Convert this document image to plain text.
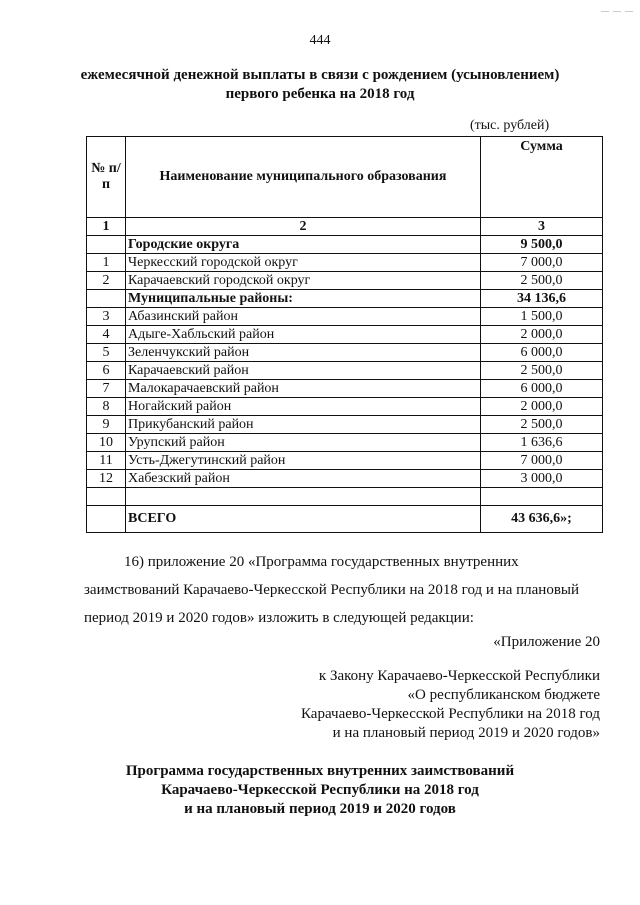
— — —
444
ежемесячной денежной выплаты в связи с рождением (усыновлением)
первого ребенка на 2018 год
(тыс. рублей)
№ п/п	Наименование муниципального образования	Сумма
1	2	3
	Городские округа	9 500,0
1	Черкесский городской округ	7 000,0
2	Карачаевский городской округ	2 500,0
	Муниципальные районы:	34 136,6
3	Абазинский район	1 500,0
4	Адыге-Хабльский район	2 000,0
5	Зеленчукский район	6 000,0
6	Карачаевский район	2 500,0
7	Малокарачаевский район	6 000,0
8	Ногайский район	2 000,0
9	Прикубанский район	2 500,0
10	Урупский район	1 636,6
11	Усть-Джегутинский район	7 000,0
12	Хабезский район	3 000,0

	ВСЕГО	43 636,6»;
16) приложение 20 «Программа государственных внутренних
заимствований Карачаево-Черкесской Республики на 2018 год и на плановый
период 2019 и 2020 годов» изложить в следующей редакции:
«Приложение 20
к Закону Карачаево-Черкесской Республики
«О республиканском бюджете
Карачаево-Черкесской Республики на 2018 год
и на плановый период 2019 и 2020 годов»
Программа государственных внутренних заимствований
Карачаево-Черкесской Республики на 2018 год
и на плановый период 2019 и 2020 годов
